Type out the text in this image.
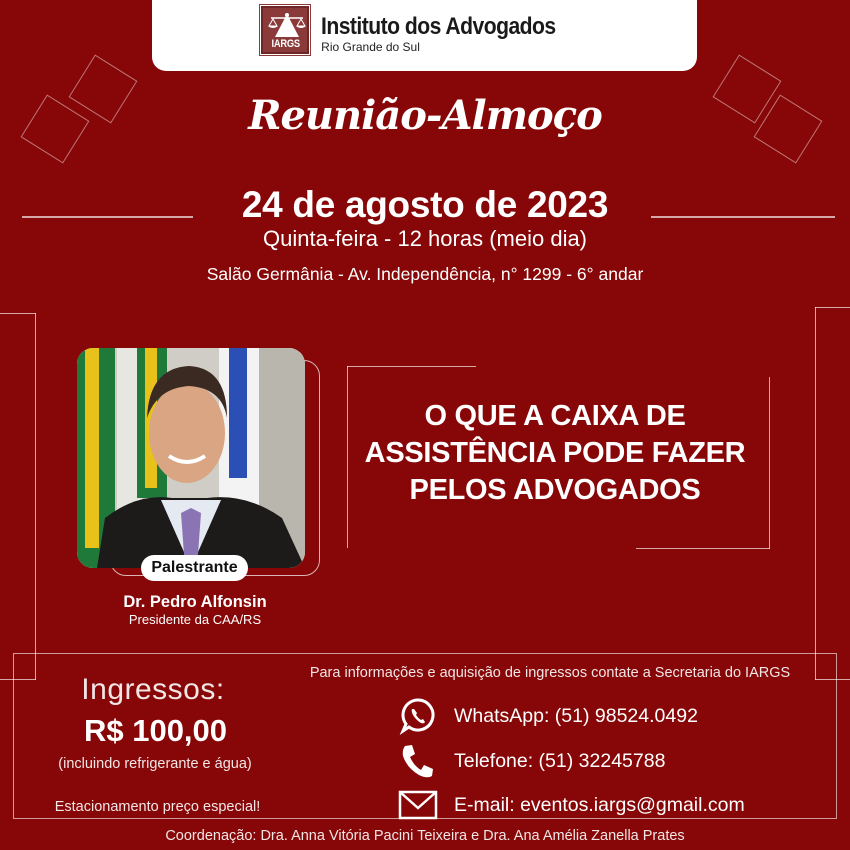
IARGS
Instituto dos Advogados
Rio Grande do Sul
Reunião-Almoço
24 de agosto de 2023
Quinta-feira - 12 horas (meio dia)
Salão Germânia - Av. Independência, n° 1299 - 6° andar
Palestrante
Dr. Pedro Alfonsin
Presidente da CAA/RS
O QUE A CAIXA DE
ASSISTÊNCIA PODE FAZER
PELOS ADVOGADOS
Ingressos:
R$ 100,00
(incluindo refrigerante e água)
Estacionamento preço especial!
Para informações e aquisição de ingressos contate a Secretaria do IARGS
WhatsApp: (51) 98524.0492
Telefone: (51) 32245788
E-mail: eventos.iargs@gmail.com
Coordenação: Dra. Anna Vitória Pacini Teixeira e Dra. Ana Amélia Zanella Prates
